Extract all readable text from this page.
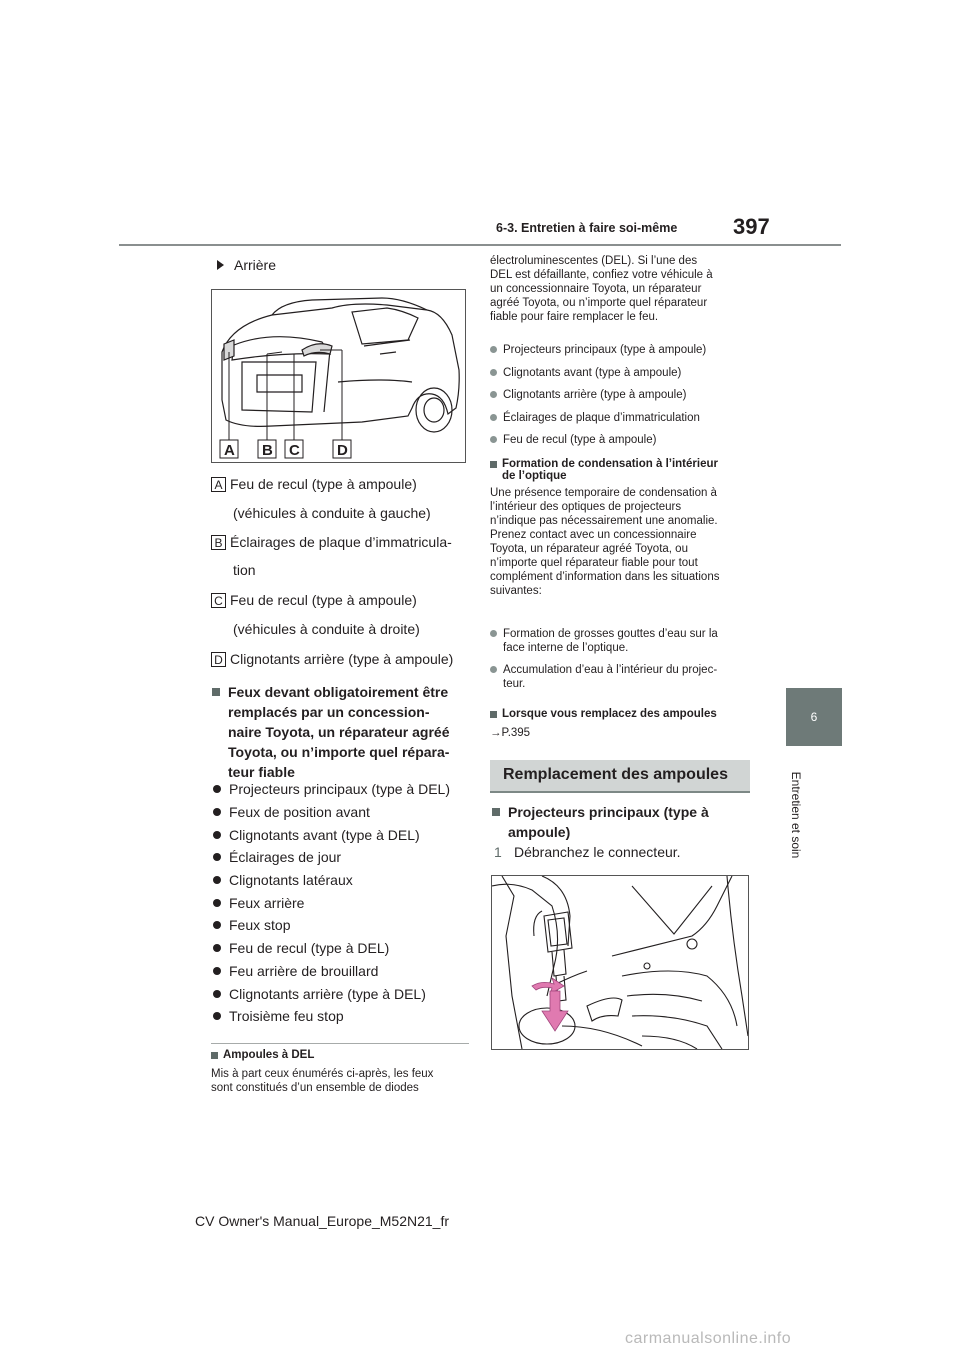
6-3. Entretien à faire soi-même	397
6
Entretien et soin
Arrière
A B C D
A Feu de recul (type à ampoule)
(véhicules à conduite à gauche)
B Éclairages de plaque d’immatricula-
tion
C Feu de recul (type à ampoule)
(véhicules à conduite à droite)
D Clignotants arrière (type à ampoule)
Feux devant obligatoirement être
remplacés par un concession-
naire Toyota, un réparateur agréé
Toyota, ou n’importe quel répara-
teur fiable
Projecteurs principaux (type à DEL)
Feux de position avant
Clignotants avant (type à DEL)
Éclairages de jour
Clignotants latéraux
Feux arrière
Feux stop
Feu de recul (type à DEL)
Feu arrière de brouillard
Clignotants arrière (type à DEL)
Troisième feu stop
Ampoules à DEL
Mis à part ceux énumérés ci-après, les feux
sont constitués d’un ensemble de diodes
électroluminescentes (DEL). Si l’une des
DEL est défaillante, confiez votre véhicule à
un concessionnaire Toyota, un réparateur
agréé Toyota, ou n’importe quel réparateur
fiable pour faire remplacer le feu.
Projecteurs principaux (type à ampoule)
Clignotants avant (type à ampoule)
Clignotants arrière (type à ampoule)
Éclairages de plaque d’immatriculation
Feu de recul (type à ampoule)
Formation de condensation à l’intérieur
de l’optique
Une présence temporaire de condensation à
l’intérieur des optiques de projecteurs
n’indique pas nécessairement une anomalie.
Prenez contact avec un concessionnaire
Toyota, un réparateur agréé Toyota, ou
n’importe quel réparateur fiable pour tout
complément d’information dans les situations
suivantes:
Formation de grosses gouttes d’eau sur la
face interne de l’optique.
Accumulation d’eau à l’intérieur du projec-
teur.
Lorsque vous remplacez des ampoules
→P.395
Remplacement des ampoules
Projecteurs principaux (type à
ampoule)
1 Débranchez le connecteur.
CV Owner's Manual_Europe_M52N21_fr
carmanualsonline.info
